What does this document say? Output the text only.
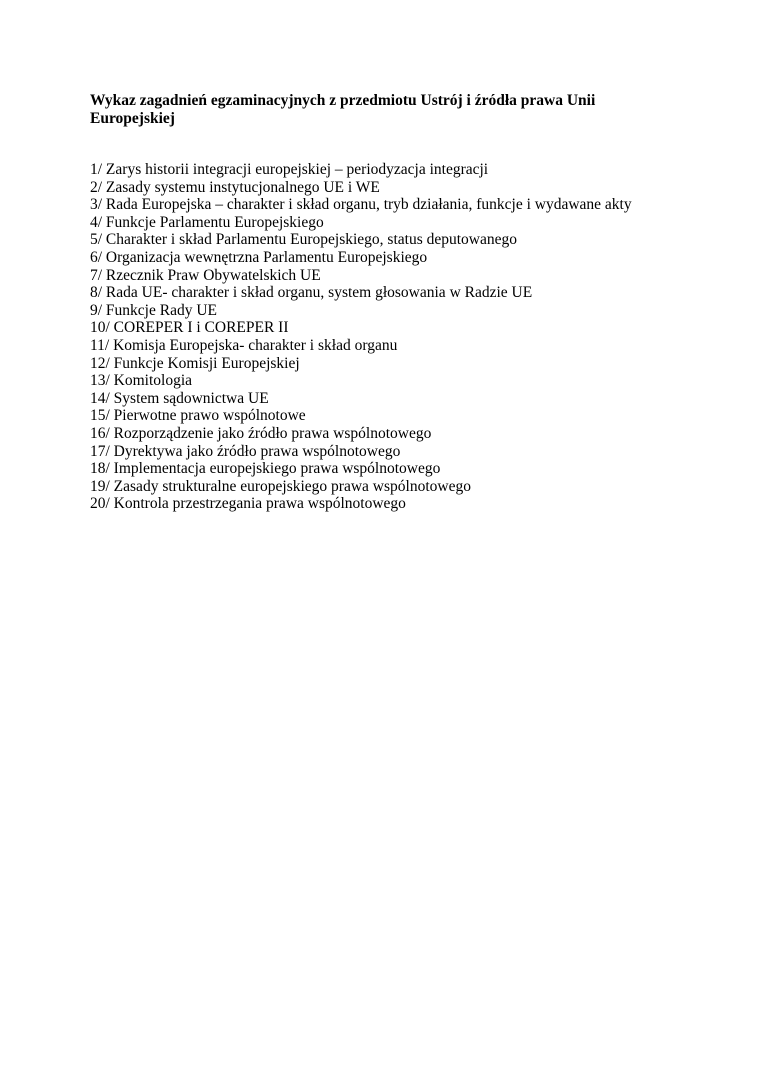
Wykaz zagadnień egzaminacyjnych z przedmiotu Ustrój i źródła prawa Unii Europejskiej
1/ Zarys historii integracji europejskiej – periodyzacja integracji
2/ Zasady systemu instytucjonalnego UE i WE
3/ Rada Europejska – charakter i skład organu, tryb działania, funkcje i wydawane akty
4/ Funkcje Parlamentu Europejskiego
5/ Charakter i skład Parlamentu Europejskiego, status deputowanego
6/ Organizacja wewnętrzna Parlamentu Europejskiego
7/ Rzecznik Praw Obywatelskich UE
8/ Rada UE- charakter i skład organu, system głosowania w Radzie UE
9/ Funkcje Rady UE
10/ COREPER I i COREPER II
11/ Komisja Europejska- charakter i skład organu
12/ Funkcje Komisji Europejskiej
13/ Komitologia
14/ System sądownictwa UE
15/ Pierwotne prawo wspólnotowe
16/ Rozporządzenie jako źródło prawa wspólnotowego
17/ Dyrektywa jako źródło prawa wspólnotowego
18/ Implementacja europejskiego prawa wspólnotowego
19/ Zasady strukturalne europejskiego prawa wspólnotowego
20/ Kontrola przestrzegania prawa wspólnotowego
